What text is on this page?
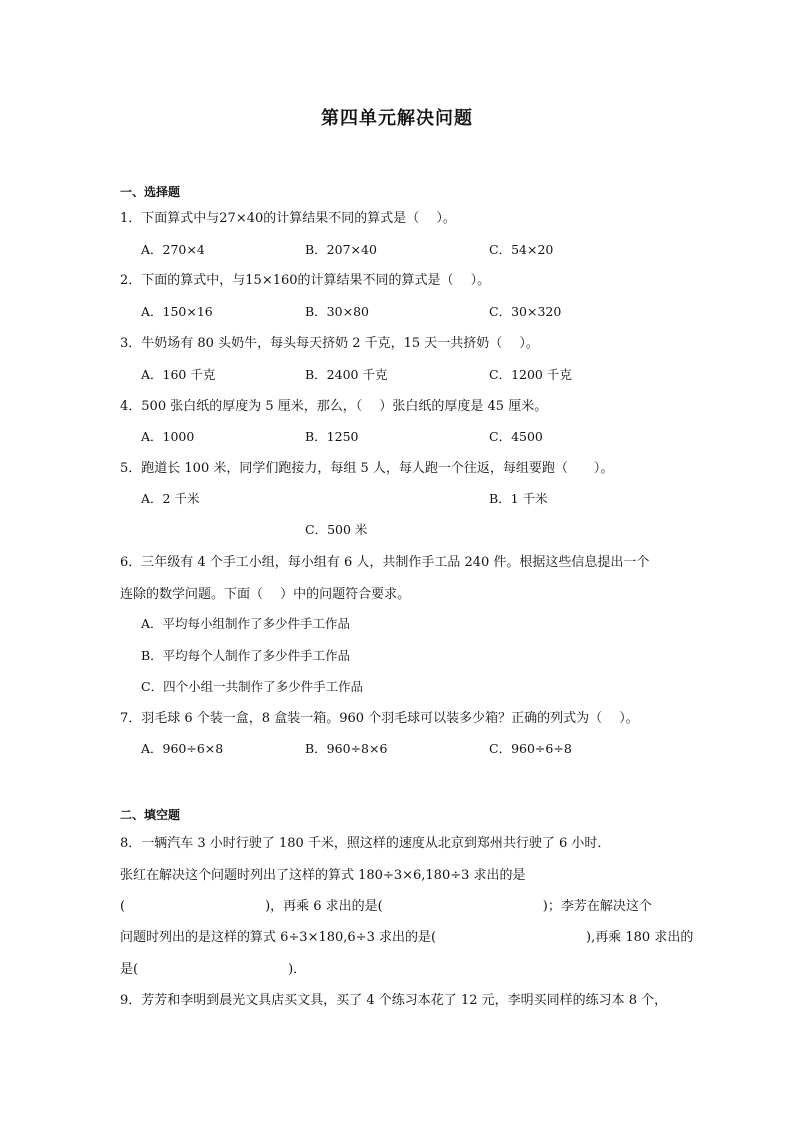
第四单元解决问题
一、选择题
1．下面算式中与27×40的计算结果不同的算式是（　 ）。
A．270×4	B．207×40	C．54×20
2．下面的算式中，与15×160的计算结果不同的算式是（　 ）。
A．150×16	B．30×80	C．30×320
3．牛奶场有 80 头奶牛，每头每天挤奶 2 千克，15 天一共挤奶（　 ）。
A．160 千克	B．2400 千克	C．1200 千克
4．500 张白纸的厚度为 5 厘米，那么，（　 ）张白纸的厚度是 45 厘米。
A．1000	B．1250	C．4500
5．跑道长 100 米，同学们跑接力，每组 5 人，每人跑一个往返，每组要跑（　　）。
A．2 千米	B．1 千米
C．500 米
6．三年级有 4 个手工小组，每小组有 6 人，共制作手工品 240 件。根据这些信息提出一个
连除的数学问题。下面（　 ）中的问题符合要求。
A．平均每小组制作了多少件手工作品
B．平均每个人制作了多少件手工作品
C．四个小组一共制作了多少件手工作品
7．羽毛球 6 个装一盒，8 盒装一箱。960 个羽毛球可以装多少箱？正确的列式为（　 ）。
A．960÷6×8	B．960÷8×6	C．960÷6÷8
二、填空题
8．一辆汽车 3 小时行驶了 180 千米，照这样的速度从北京到郑州共行驶了 6 小时．
张红在解决这个问题时列出了这样的算式 180÷3×6,180÷3 求出的是
(	)，再乘 6 求出的是(	)；李芳在解决这个
问题时列出的是这样的算式 6÷3×180,6÷3 求出的是(	),再乘 180 求出的
是(	)．
9．芳芳和李明到晨光文具店买文具，买了 4 个练习本花了 12 元，李明买同样的练习本 8 个，
